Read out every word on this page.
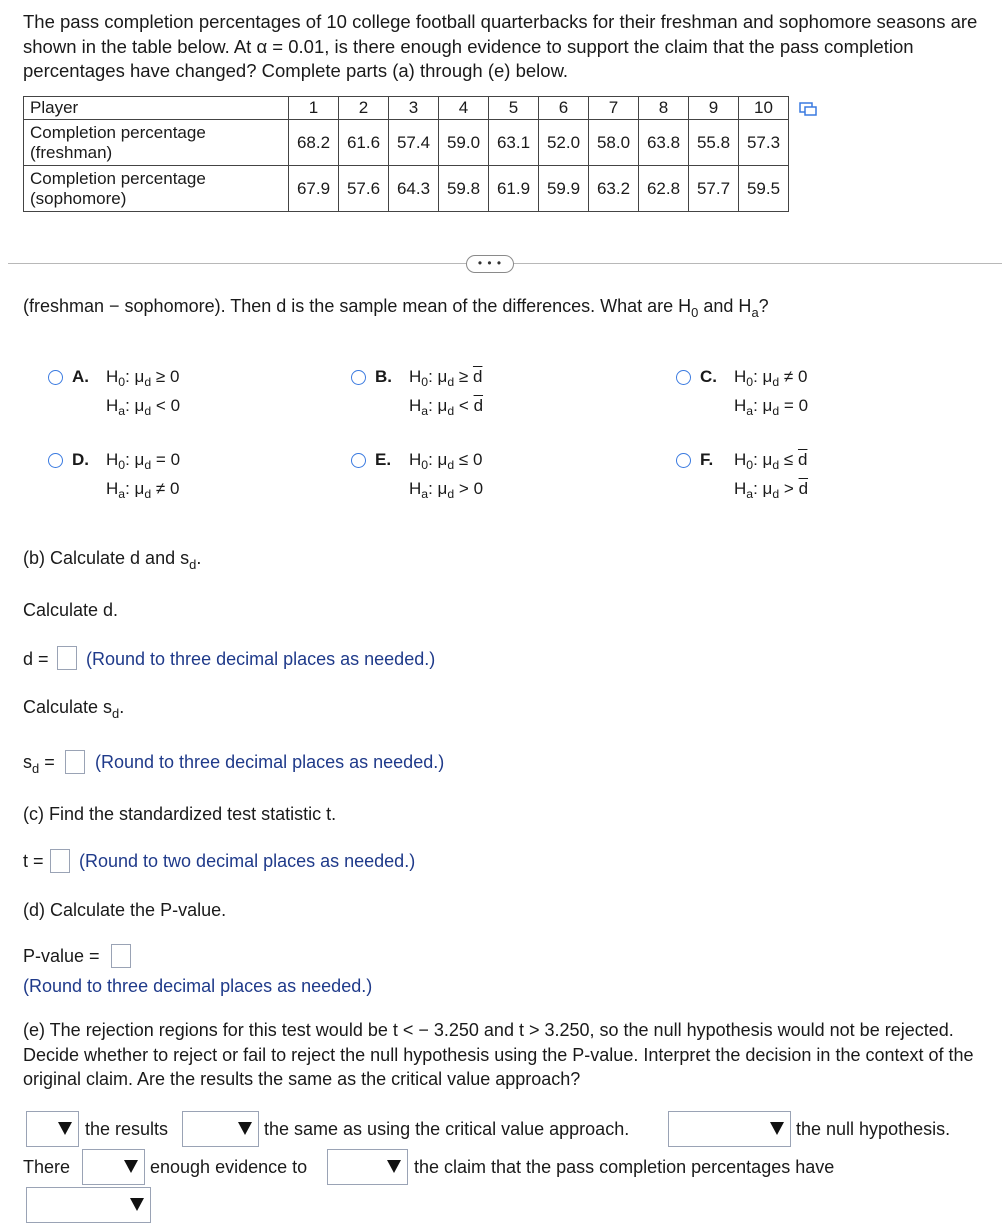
The pass completion percentages of 10 college football quarterbacks for their freshman and sophomore seasons are shown in the table below. At α = 0.01, is there enough evidence to support the claim that the pass completion percentages have changed? Complete parts (a) through (e) below.
Player	1	2	3	4	5	6	7	8	9	10
Completion percentage
(freshman)	68.2	61.6	57.4	59.0	63.1	52.0	58.0	63.8	55.8	57.3
Completion percentage
(sophomore)	67.9	57.6	64.3	59.8	61.9	59.9	63.2	62.8	57.7	59.5
• • •
(freshman − sophomore). Then d is the sample mean of the differences. What are $H_0$ and $H_a$?
A. $H_0$: $\mu_d \ge 0$
$H_a$: $\mu_d < 0$
B. $H_0$: $\mu_d \ge \overline{d}$
$H_a$: $\mu_d < \overline{d}$
C. $H_0$: $\mu_d \ne 0$
$H_a$: $\mu_d = 0$
D. $H_0$: $\mu_d = 0$
$H_a$: $\mu_d \ne 0$
E. $H_0$: $\mu_d \le 0$
$H_a$: $\mu_d > 0$
F. $H_0$: $\mu_d \le \overline{d}$
$H_a$: $\mu_d > \overline{d}$
(b) Calculate d and $s_d$.
Calculate d.
d = (Round to three decimal places as needed.)
Calculate $s_d$.
$s_d$ = (Round to three decimal places as needed.)
(c) Find the standardized test statistic t.
t = (Round to two decimal places as needed.)
(d) Calculate the P-value.
P-value =
(Round to three decimal places as needed.)
(e) The rejection regions for this test would be t < − 3.250 and t > 3.250, so the null hypothesis would not be rejected. Decide whether to reject or fail to reject the null hypothesis using the P-value. Interpret the decision in the context of the original claim. Are the results the same as the critical value approach?
the results	the same as using the critical value approach.	the null hypothesis.
There	enough evidence to	the claim that the pass completion percentages have
